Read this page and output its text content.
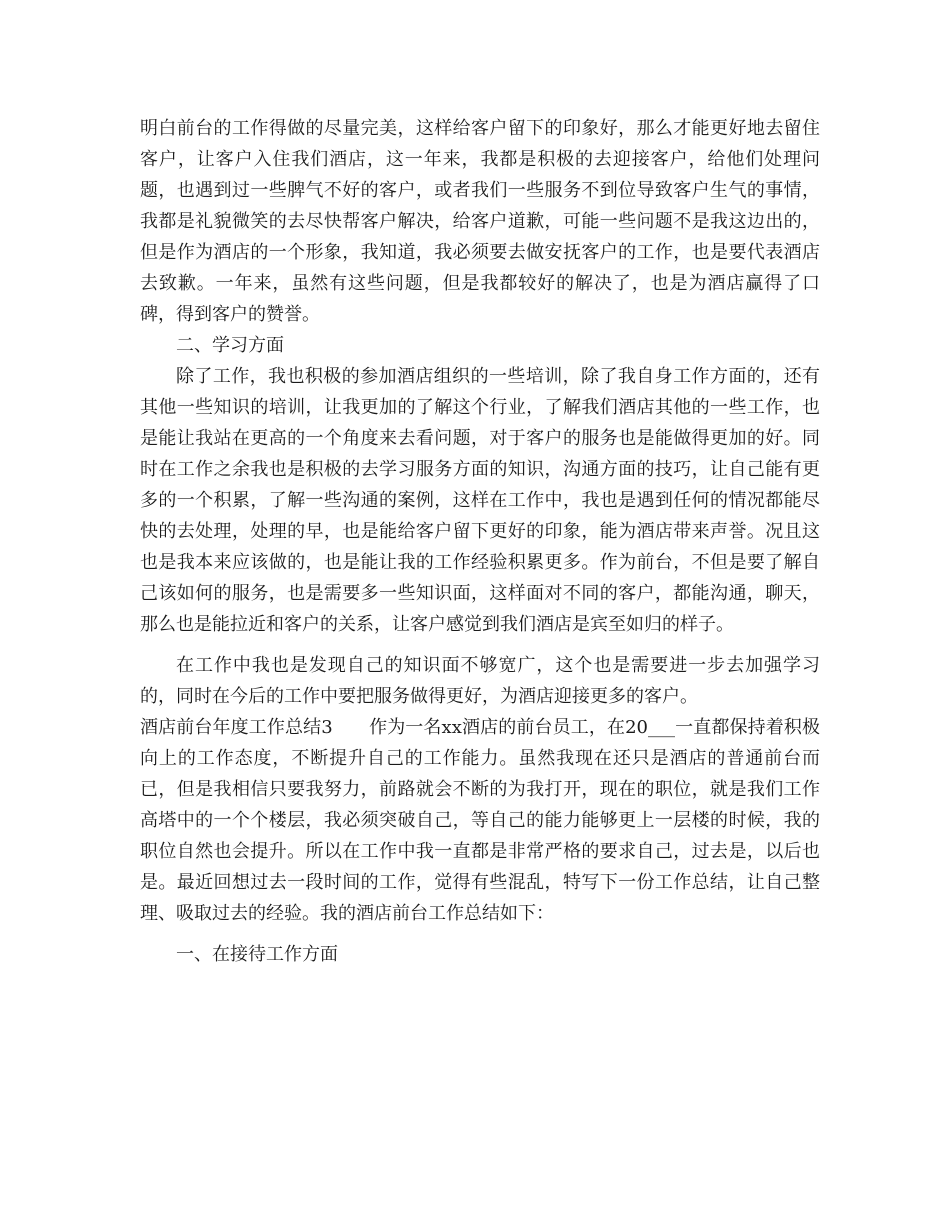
明白前台的工作得做的尽量完美，这样给客户留下的印象好，那么才能更好地去留住客户，让客户入住我们酒店，这一年来，我都是积极的去迎接客户，给他们处理问题，也遇到过一些脾气不好的客户，或者我们一些服务不到位导致客户生气的事情，我都是礼貌微笑的去尽快帮客户解决，给客户道歉，可能一些问题不是我这边出的，但是作为酒店的一个形象，我知道，我必须要去做安抚客户的工作，也是要代表酒店去致歉。一年来，虽然有这些问题，但是我都较好的解决了，也是为酒店赢得了口碑，得到客户的赞誉。

二、学习方面

除了工作，我也积极的参加酒店组织的一些培训，除了我自身工作方面的，还有其他一些知识的培训，让我更加的了解这个行业，了解我们酒店其他的一些工作，也是能让我站在更高的一个角度来去看问题，对于客户的服务也是能做得更加的好。同时在工作之余我也是积极的去学习服务方面的知识，沟通方面的技巧，让自己能有更多的一个积累，了解一些沟通的案例，这样在工作中，我也是遇到任何的情况都能尽快的去处理，处理的早，也是能给客户留下更好的印象，能为酒店带来声誉。况且这也是我本来应该做的，也是能让我的工作经验积累更多。作为前台，不但是要了解自己该如何的服务，也是需要多一些知识面，这样面对不同的客户，都能沟通，聊天，那么也是能拉近和客户的关系，让客户感觉到我们酒店是宾至如归的样子。

在工作中我也是发现自己的知识面不够宽广，这个也是需要进一步去加强学习的，同时在今后的工作中要把服务做得更好，为酒店迎接更多的客户。

酒店前台年度工作总结3　　作为一名xx酒店的前台员工，在20___一直都保持着积极向上的工作态度，不断提升自己的工作能力。虽然我现在还只是酒店的普通前台而已，但是我相信只要我努力，前路就会不断的为我打开，现在的职位，就是我们工作高塔中的一个个楼层，我必须突破自己，等自己的能力能够更上一层楼的时候，我的职位自然也会提升。所以在工作中我一直都是非常严格的要求自己，过去是，以后也是。最近回想过去一段时间的工作，觉得有些混乱，特写下一份工作总结，让自己整理、吸取过去的经验。我的酒店前台工作总结如下：

一、在接待工作方面
